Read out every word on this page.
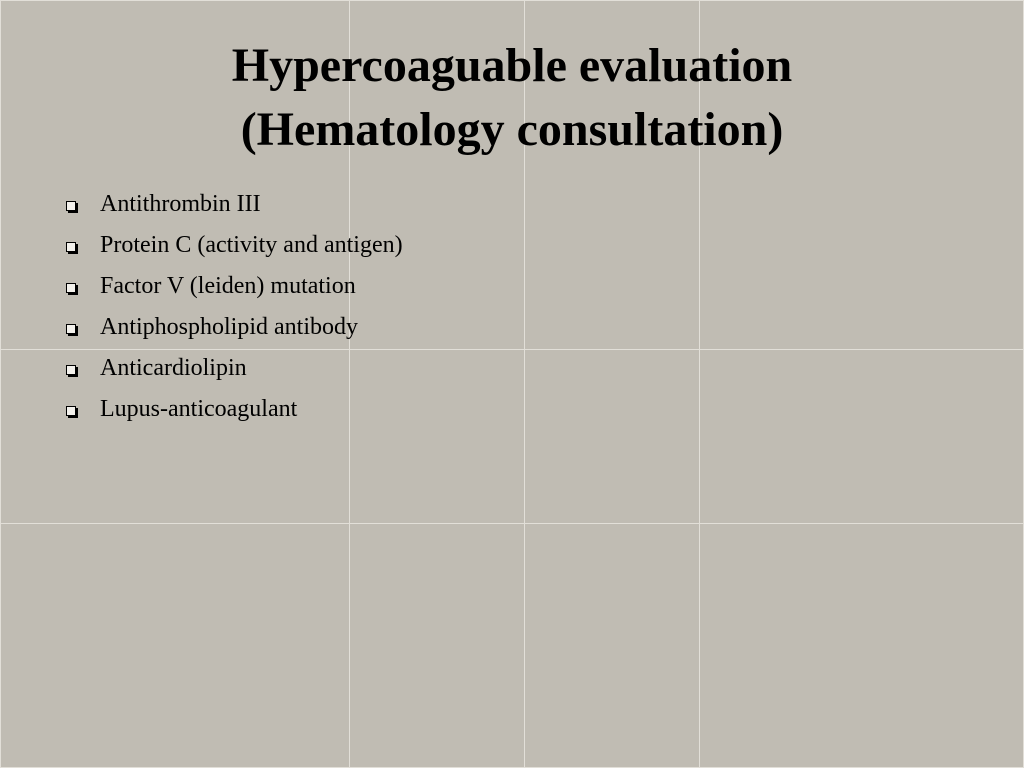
Hypercoaguable evaluation
(Hematology consultation)
Antithrombin III
Protein C (activity and antigen)
Factor V (leiden) mutation
Antiphospholipid antibody
Anticardiolipin
Lupus-anticoagulant
